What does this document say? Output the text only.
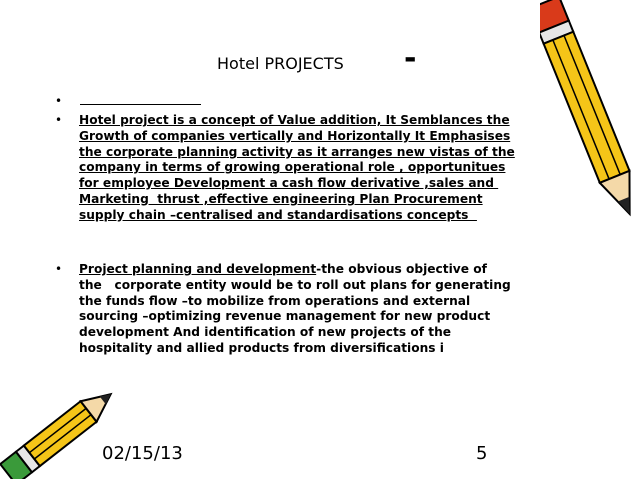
Hotel PROJECTS -
•
• Hotel project is a concept of Value addition, It Semblances the
Growth of companies vertically and Horizontally It Emphasises
the corporate planning activity as it arranges new vistas of the
company in terms of growing operational role , opportunitues
for employee Development a cash flow derivative ,sales and
Marketing  thrust ,effective engineering Plan Procurement
supply chain –centralised and standardisations concepts
• Project planning and development-the obvious objective of
the   corporate entity would be to roll out plans for generating
the funds flow –to mobilize from operations and external
sourcing –optimizing revenue management for new product
development And identification of new projects of the
hospitality and allied products from diversifications i
02/15/13	5
